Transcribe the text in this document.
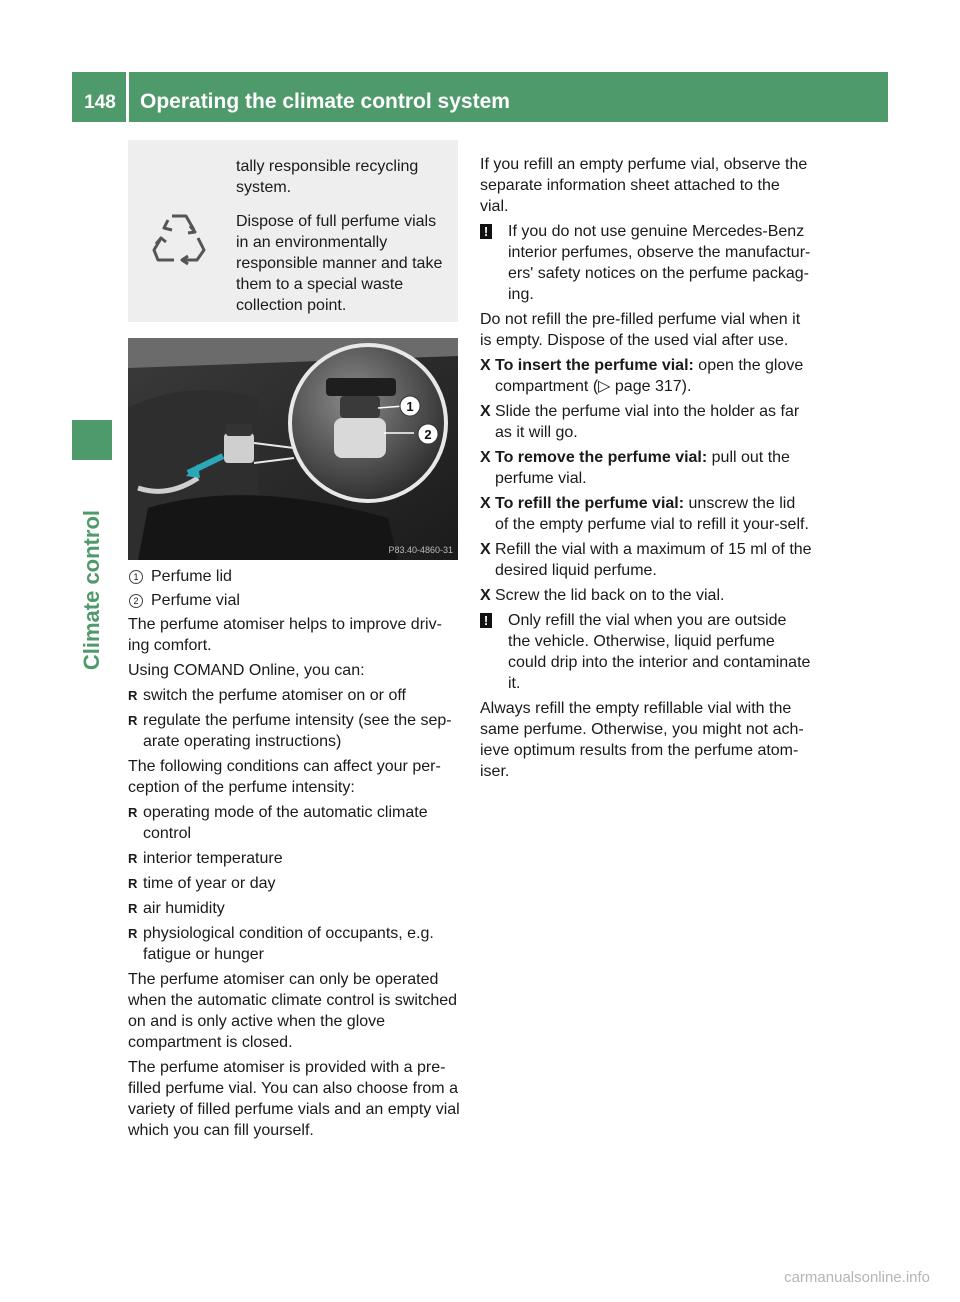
148	Operating the climate control system
Climate control

tally responsible recycling system.

Dispose of full perfume vials in an environmentally responsible manner and take them to a special waste collection point.

1
2
P83.40-4860-31
1 Perfume lid
2 Perfume vial

The perfume atomiser helps to improve driv-ing comfort.

Using COMAND Online, you can:

R switch the perfume atomiser on or off
R regulate the perfume intensity (see the sep-arate operating instructions)

The following conditions can affect your per-ception of the perfume intensity:

R operating mode of the automatic climate control
R interior temperature
R time of year or day
R air humidity
R physiological condition of occupants, e.g. fatigue or hunger

The perfume atomiser can only be operated when the automatic climate control is switched on and is only active when the glove compartment is closed.

The perfume atomiser is provided with a pre-filled perfume vial. You can also choose from a variety of filled perfume vials and an empty vial which you can fill yourself.

If you refill an empty perfume vial, observe the separate information sheet attached to the vial.

! If you do not use genuine Mercedes-Benz interior perfumes, observe the manufactur-ers' safety notices on the perfume packag-ing.

Do not refill the pre-filled perfume vial when it is empty. Dispose of the used vial after use.

X To insert the perfume vial: open the glove compartment (▷ page 317).
X Slide the perfume vial into the holder as far as it will go.
X To remove the perfume vial: pull out the perfume vial.
X To refill the perfume vial: unscrew the lid of the empty perfume vial to refill it your-self.
X Refill the vial with a maximum of 15 ml of the desired liquid perfume.
X Screw the lid back on to the vial.
! Only refill the vial when you are outside the vehicle. Otherwise, liquid perfume could drip into the interior and contaminate it.

Always refill the empty refillable vial with the same perfume. Otherwise, you might not ach-ieve optimum results from the perfume atom-iser.

carmanualsonline.info
